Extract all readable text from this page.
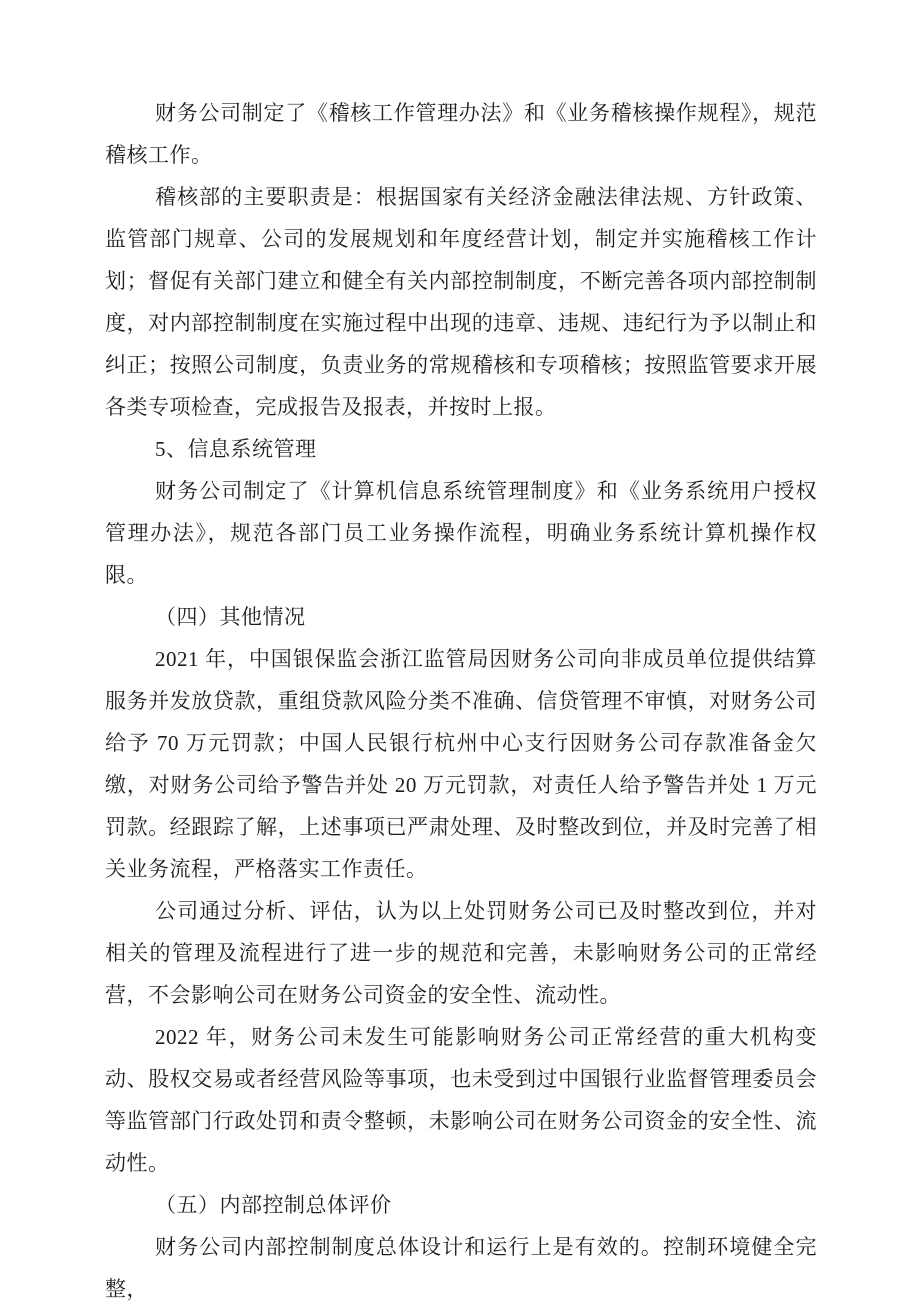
财务公司制定了《稽核工作管理办法》和《业务稽核操作规程》，规范稽核工作。

稽核部的主要职责是：根据国家有关经济金融法律法规、方针政策、监管部门规章、公司的发展规划和年度经营计划，制定并实施稽核工作计划；督促有关部门建立和健全有关内部控制制度，不断完善各项内部控制制度，对内部控制制度在实施过程中出现的违章、违规、违纪行为予以制止和纠正；按照公司制度，负责业务的常规稽核和专项稽核；按照监管要求开展各类专项检查，完成报告及报表，并按时上报。

5、信息系统管理

财务公司制定了《计算机信息系统管理制度》和《业务系统用户授权管理办法》，规范各部门员工业务操作流程，明确业务系统计算机操作权限。

（四）其他情况

2021 年，中国银保监会浙江监管局因财务公司向非成员单位提供结算服务并发放贷款，重组贷款风险分类不准确、信贷管理不审慎，对财务公司给予 70 万元罚款；中国人民银行杭州中心支行因财务公司存款准备金欠缴，对财务公司给予警告并处 20 万元罚款，对责任人给予警告并处 1 万元罚款。经跟踪了解，上述事项已严肃处理、及时整改到位，并及时完善了相关业务流程，严格落实工作责任。

公司通过分析、评估，认为以上处罚财务公司已及时整改到位，并对相关的管理及流程进行了进一步的规范和完善，未影响财务公司的正常经营，不会影响公司在财务公司资金的安全性、流动性。

2022 年，财务公司未发生可能影响财务公司正常经营的重大机构变动、股权交易或者经营风险等事项，也未受到过中国银行业监督管理委员会等监管部门行政处罚和责令整顿，未影响公司在财务公司资金的安全性、流动性。

（五）内部控制总体评价

财务公司内部控制制度总体设计和运行上是有效的。控制环境健全完整，
